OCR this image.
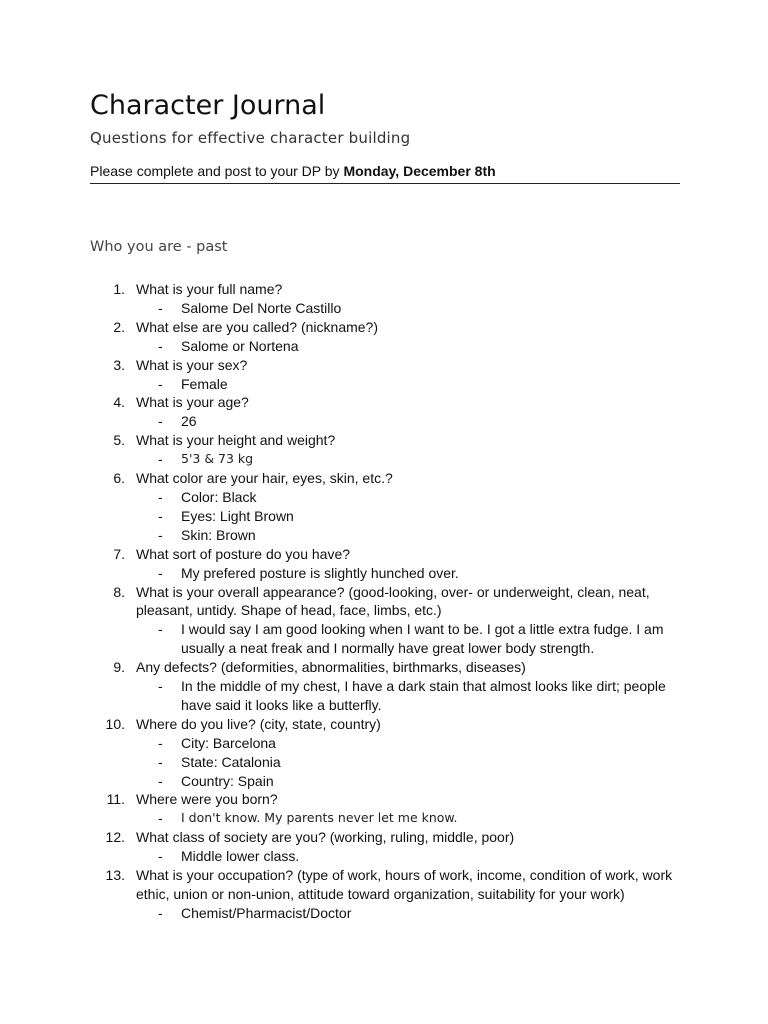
Character Journal
Questions for effective character building
Please complete and post to your DP by Monday, December 8th
Who you are - past
1. What is your full name?
- Salome Del Norte Castillo
2. What else are you called? (nickname?)
- Salome or Nortena
3. What is your sex?
- Female
4. What is your age?
- 26
5. What is your height and weight?
- 5'3 & 73 kg
6. What color are your hair, eyes, skin, etc.?
- Color: Black
- Eyes: Light Brown
- Skin: Brown
7. What sort of posture do you have?
- My prefered posture is slightly hunched over.
8. What is your overall appearance? (good-looking, over- or underweight, clean, neat, pleasant, untidy. Shape of head, face, limbs, etc.)
- I would say I am good looking when I want to be. I got a little extra fudge. I am usually a neat freak and I normally have great lower body strength.
9. Any defects? (deformities, abnormalities, birthmarks, diseases)
- In the middle of my chest, I have a dark stain that almost looks like dirt; people have said it looks like a butterfly.
10. Where do you live? (city, state, country)
- City: Barcelona
- State: Catalonia
- Country: Spain
11. Where were you born?
- I don't know. My parents never let me know.
12. What class of society are you? (working, ruling, middle, poor)
- Middle lower class.
13. What is your occupation? (type of work, hours of work, income, condition of work, work ethic, union or non-union, attitude toward organization, suitability for your work)
- Chemist/Pharmacist/Doctor
